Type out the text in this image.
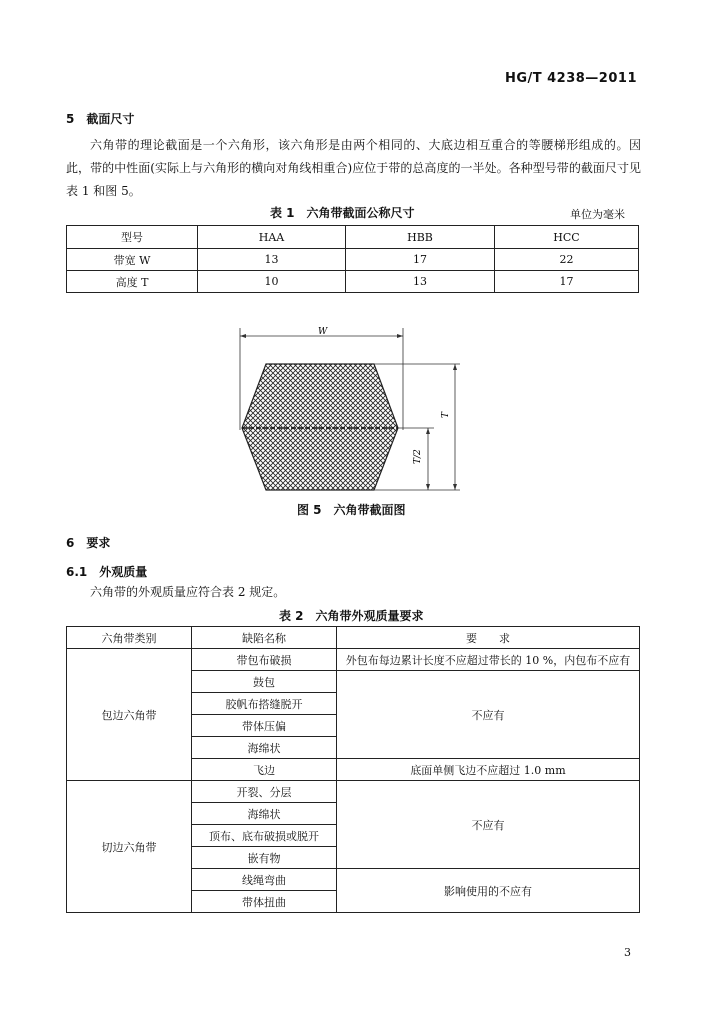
HG/T 4238—2011
5　截面尺寸
六角带的理论截面是一个六角形，该六角形是由两个相同的、大底边相互重合的等腰梯形组成的。因此，带的中性面(实际上与六角形的横向对角线相重合)应位于带的总高度的一半处。各种型号带的截面尺寸见表 1 和图 5。
表 1　六角带截面公称尺寸	单位为毫米
型号	HAA	HBB	HCC
带宽 W	13	17	22
高度 T	10	13	17
W
T
T/2
图 5　六角带截面图
6　要求
6.1　外观质量
六角带的外观质量应符合表 2 规定。
表 2　六角带外观质量要求
六角带类别	缺陷名称	要　　求
包边六角带	带包布破损	外包布每边累计长度不应超过带长的 10 %，内包布不应有
	鼓包	不应有
	胶帆布搭缝脱开	
	带体压偏	
	海绵状	
	飞边	底面单侧飞边不应超过 1.0 mm
切边六角带	开裂、分层	不应有
	海绵状	
	顶布、底布破损或脱开	
	嵌有物	
	线绳弯曲	影响使用的不应有
	带体扭曲	
3
